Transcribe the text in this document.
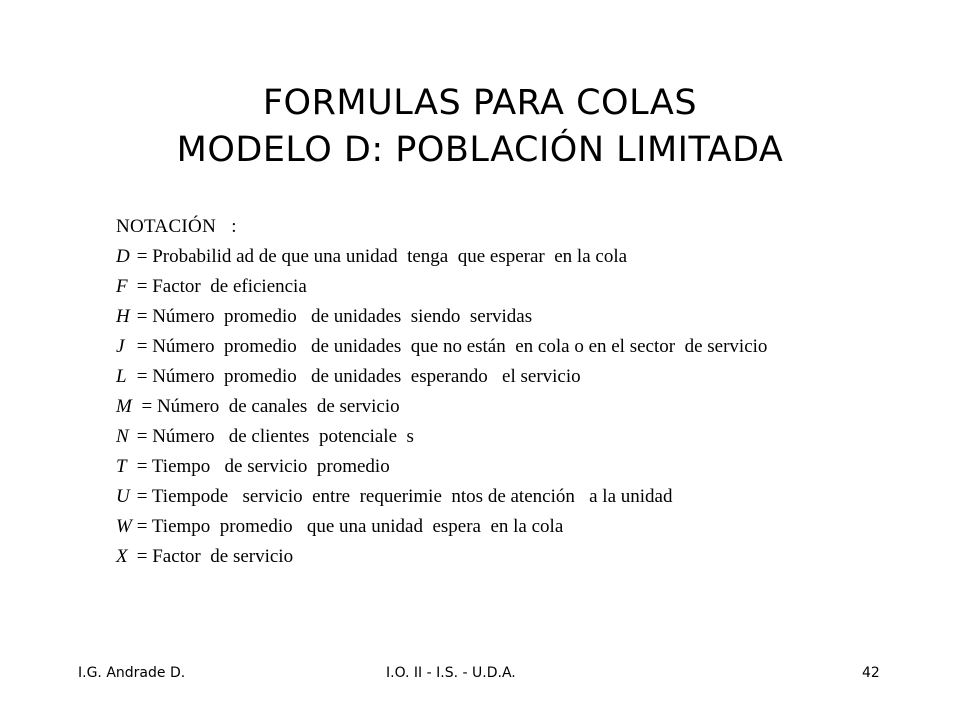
FORMULAS PARA COLAS
MODELO D: POBLACIÓN LIMITADA
NOTACIÓN   :
D = Probabilid ad de que una unidad  tenga  que esperar  en la cola
F = Factor  de eficiencia
H = Número  promedio   de unidades  siendo  servidas
J = Número  promedio   de unidades  que no están  en cola o en el sector  de servicio
L = Número  promedio   de unidades  esperando   el servicio
M  = Número  de canales  de servicio
N = Número   de clientes  potenciale  s
T = Tiempo   de servicio  promedio
U = Tiempode   servicio  entre  requerimie  ntos de atención   a la unidad
W = Tiempo  promedio   que una unidad  espera  en la cola
X = Factor  de servicio
I.G. Andrade D.	I.O. II - I.S. - U.D.A.	42
